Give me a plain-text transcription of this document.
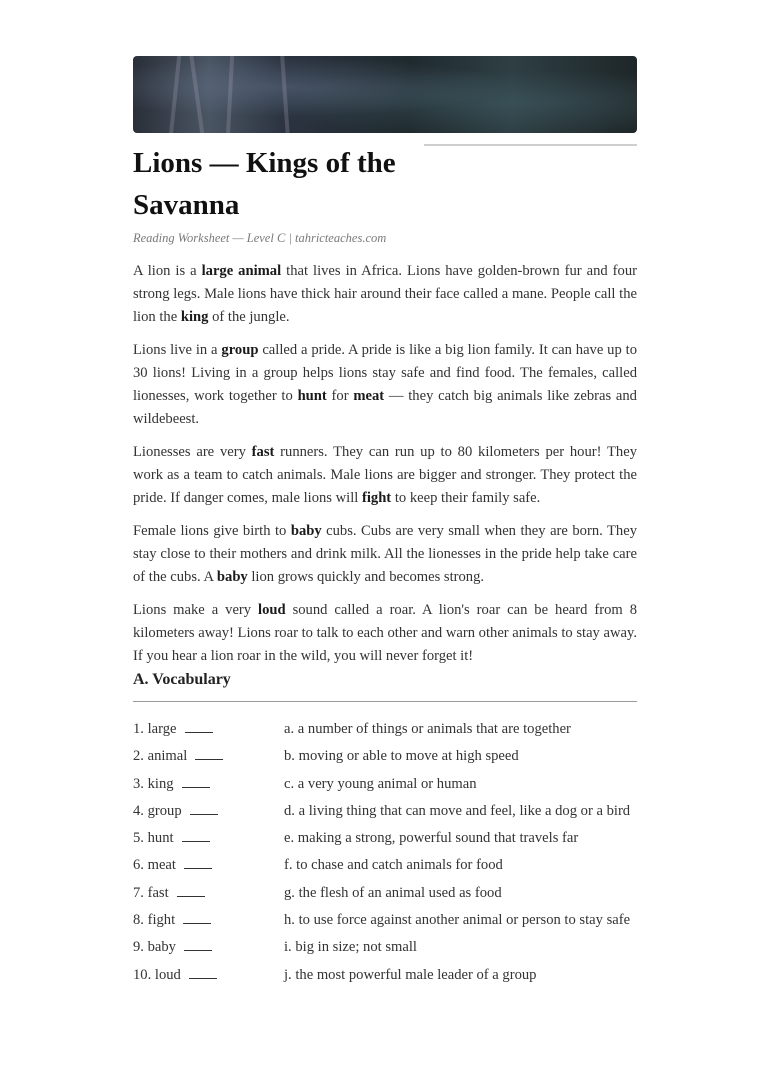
Lions — Kings of the Savanna
Reading Worksheet — Level C | tahricteaches.com

A lion is a large animal that lives in Africa. Lions have golden-brown fur and four strong legs. Male lions have thick hair around their face called a mane. People call the lion the king of the jungle.

Lions live in a group called a pride. A pride is like a big lion family. It can have up to 30 lions! Living in a group helps lions stay safe and find food. The females, called lionesses, work together to hunt for meat — they catch big animals like zebras and wildebeest.

Lionesses are very fast runners. They can run up to 80 kilometers per hour! They work as a team to catch animals. Male lions are bigger and stronger. They protect the pride. If danger comes, male lions will fight to keep their family safe.

Female lions give birth to baby cubs. Cubs are very small when they are born. They stay close to their mothers and drink milk. All the lionesses in the pride help take care of the cubs. A baby lion grows quickly and becomes strong.

Lions make a very loud sound called a roar. A lion's roar can be heard from 8 kilometers away! Lions roar to talk to each other and warn other animals to stay away. If you hear a lion roar in the wild, you will never forget it!

A. Vocabulary
1. large	a. a number of things or animals that are together
2. animal	b. moving or able to move at high speed
3. king	c. a very young animal or human
4. group	d. a living thing that can move and feel, like a dog or a bird
5. hunt	e. making a strong, powerful sound that travels far
6. meat	f. to chase and catch animals for food
7. fast	g. the flesh of an animal used as food
8. fight	h. to use force against another animal or person to stay safe
9. baby	i. big in size; not small
10. loud	j. the most powerful male leader of a group
